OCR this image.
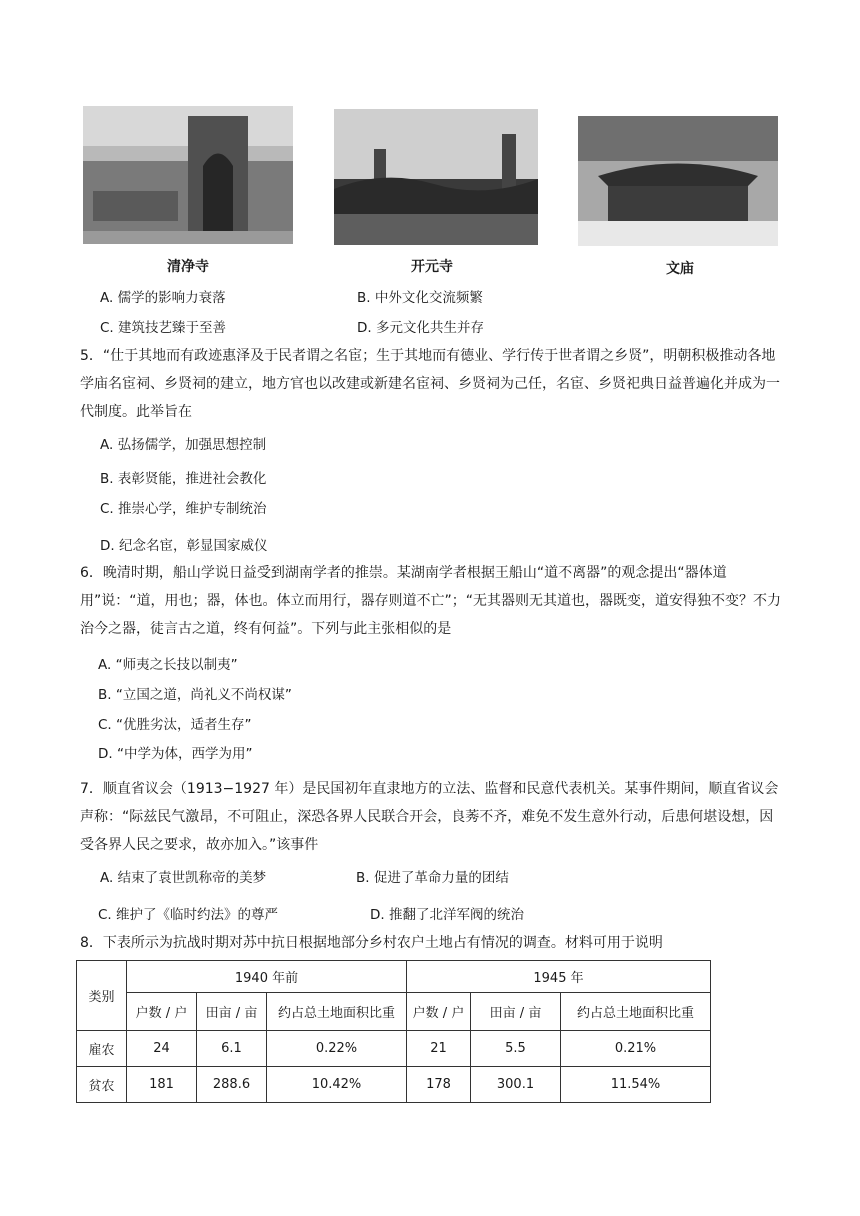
清净寺	开元寺	文庙
A. 儒学的影响力衰落	B. 中外文化交流频繁
C. 建筑技艺臻于至善	D. 多元文化共生并存

5．“仕于其地而有政迹惠泽及于民者谓之名宦；生于其地而有德业、学行传于世者谓之乡贤”，明朝积极推动各地学庙名宦祠、乡贤祠的建立，地方官也以改建或新建名宦祠、乡贤祠为己任，名宦、乡贤祀典日益普遍化并成为一代制度。此举旨在

A. 弘扬儒学，加强思想控制
B. 表彰贤能，推进社会教化
C. 推崇心学，维护专制统治
D. 纪念名宦，彰显国家威仪

6．晚清时期，船山学说日益受到湖南学者的推崇。某湖南学者根据王船山“道不离器”的观念提出“器体道用”说：“道，用也；器，体也。体立而用行，器存则道不亡”；“无其器则无其道也，器既变，道安得独不变？不力治今之器，徒言古之道，终有何益”。下列与此主张相似的是

A. “师夷之长技以制夷”
B. “立国之道，尚礼义不尚权谋”
C. “优胜劣汰，适者生存”
D. “中学为体，西学为用”

7．顺直省议会（1913−1927 年）是民国初年直隶地方的立法、监督和民意代表机关。某事件期间，顺直省议会声称：“际兹民气激昂，不可阻止，深恐各界人民联合开会，良莠不齐，难免不发生意外行动，后患何堪设想，因受各界人民之要求，故亦加入。”该事件

A. 结束了袁世凯称帝的美梦	B. 促进了革命力量的团结
C. 维护了《临时约法》的尊严	D. 推翻了北洋军阀的统治
8．下表所示为抗战时期对苏中抗日根据地部分乡村农户土地占有情况的调查。材料可用于说明
类别	1940 年前			1945 年		
	户数 / 户	田亩 / 亩	约占总土地面积比重	户数 / 户	田亩 / 亩	约占总土地面积比重
雇农	24	6.1	0.22%	21	5.5	0.21%
贫农	181	288.6	10.42%	178	300.1	11.54%
